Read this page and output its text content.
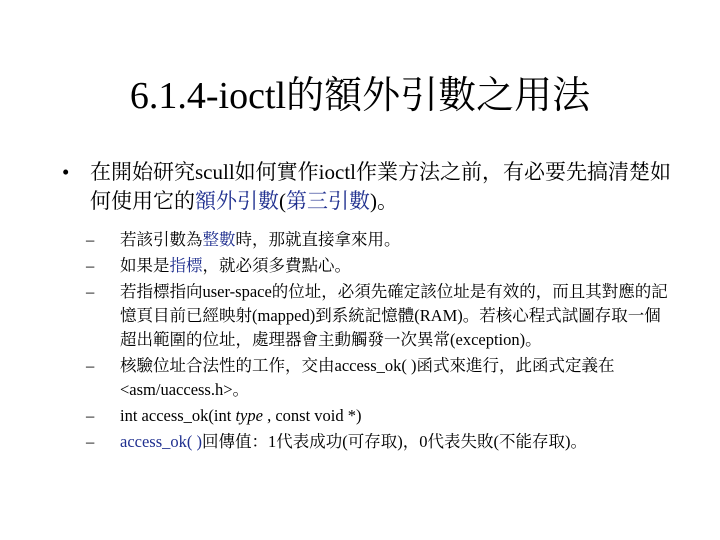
6.1.4-ioctl的額外引數之用法
• 在開始研究scull如何實作ioctl作業方法之前，有必要先搞清楚如何使用它的額外引數(第三引數)。
– 若該引數為整數時，那就直接拿來用。
– 如果是指標，就必須多費點心。
– 若指標指向user-space的位址，必須先確定該位址是有效的，而且其對應的記憶頁目前已經映射(mapped)到系統記憶體(RAM)。若核心程式試圖存取一個超出範圍的位址，處理器會主動觸發一次異常(exception)。
– 核驗位址合法性的工作，交由access_ok( )函式來進行，此函式定義在<asm/uaccess.h>。
– int access_ok(int type , const void *)
– access_ok( )回傳值：1代表成功(可存取)，0代表失敗(不能存取)。
